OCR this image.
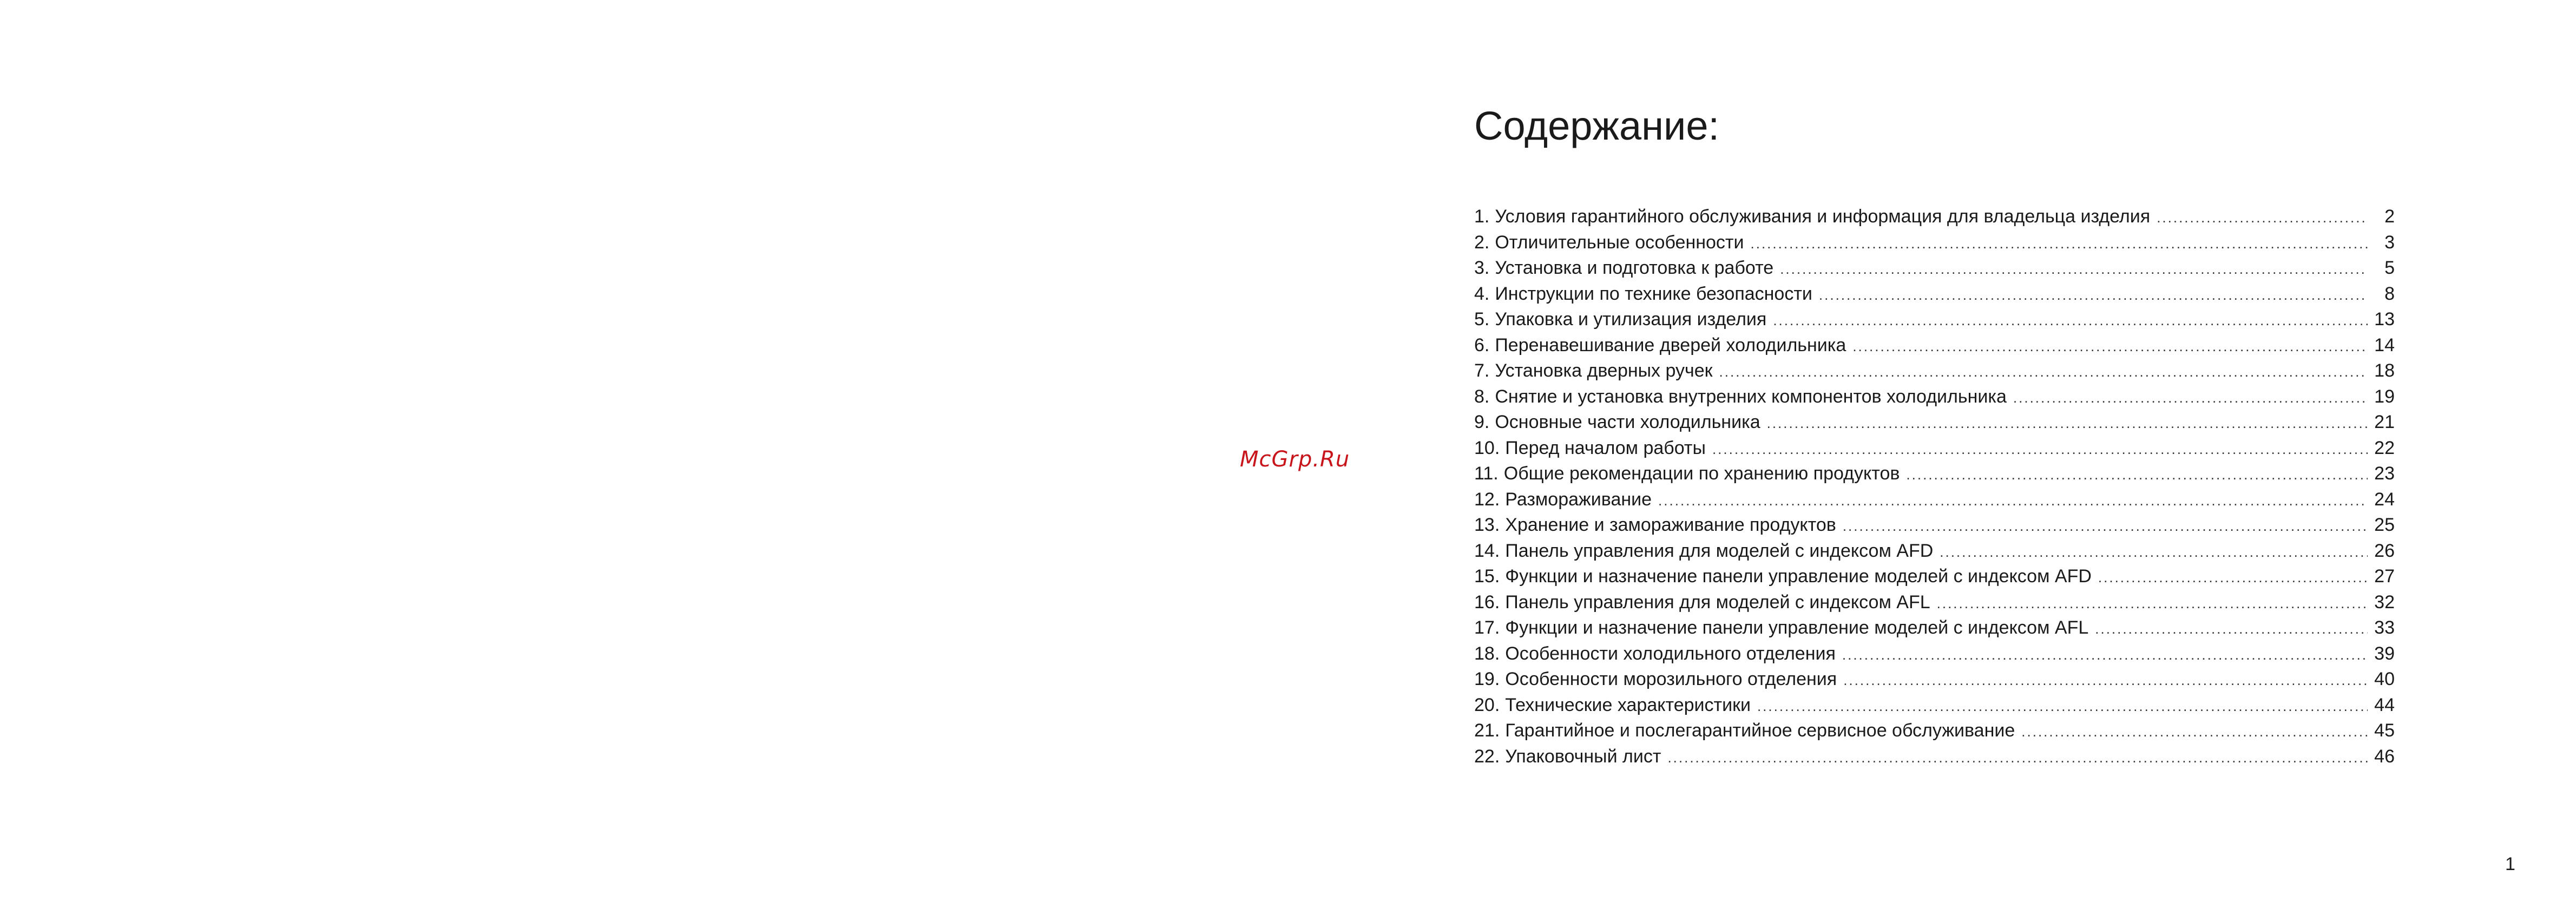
McGrp.Ru
Содержание:
1. Условия гарантийного обслуживания и информация для владельца изделия .....	2
2. Отличительные особенности .....	3
3. Установка и подготовка к работе .....	5
4. Инструкции по технике безопасности .....	8
5. Упаковка и утилизация изделия .....	13
6. Перенавешивание дверей холодильника .....	14
7. Установка дверных ручек .....	18
8. Снятие и установка внутренних компонентов холодильника .....	19
9. Основные части холодильника .....	21
10. Перед началом работы .....	22
11. Общие рекомендации по хранению продуктов .....	23
12. Размораживание .....	24
13. Хранение и замораживание продуктов .....	25
14. Панель управления для моделей с индексом AFD .....	26
15. Функции и назначение панели управление моделей с индексом AFD .....	27
16. Панель управления для моделей с индексом AFL .....	32
17. Функции и назначение панели управление моделей с индексом AFL .....	33
18. Особенности холодильного отделения .....	39
19. Особенности морозильного отделения .....	40
20. Технические характеристики .....	44
21. Гарантийное и послегарантийное сервисное обслуживание .....	45
22. Упаковочный лист .....	46
1
